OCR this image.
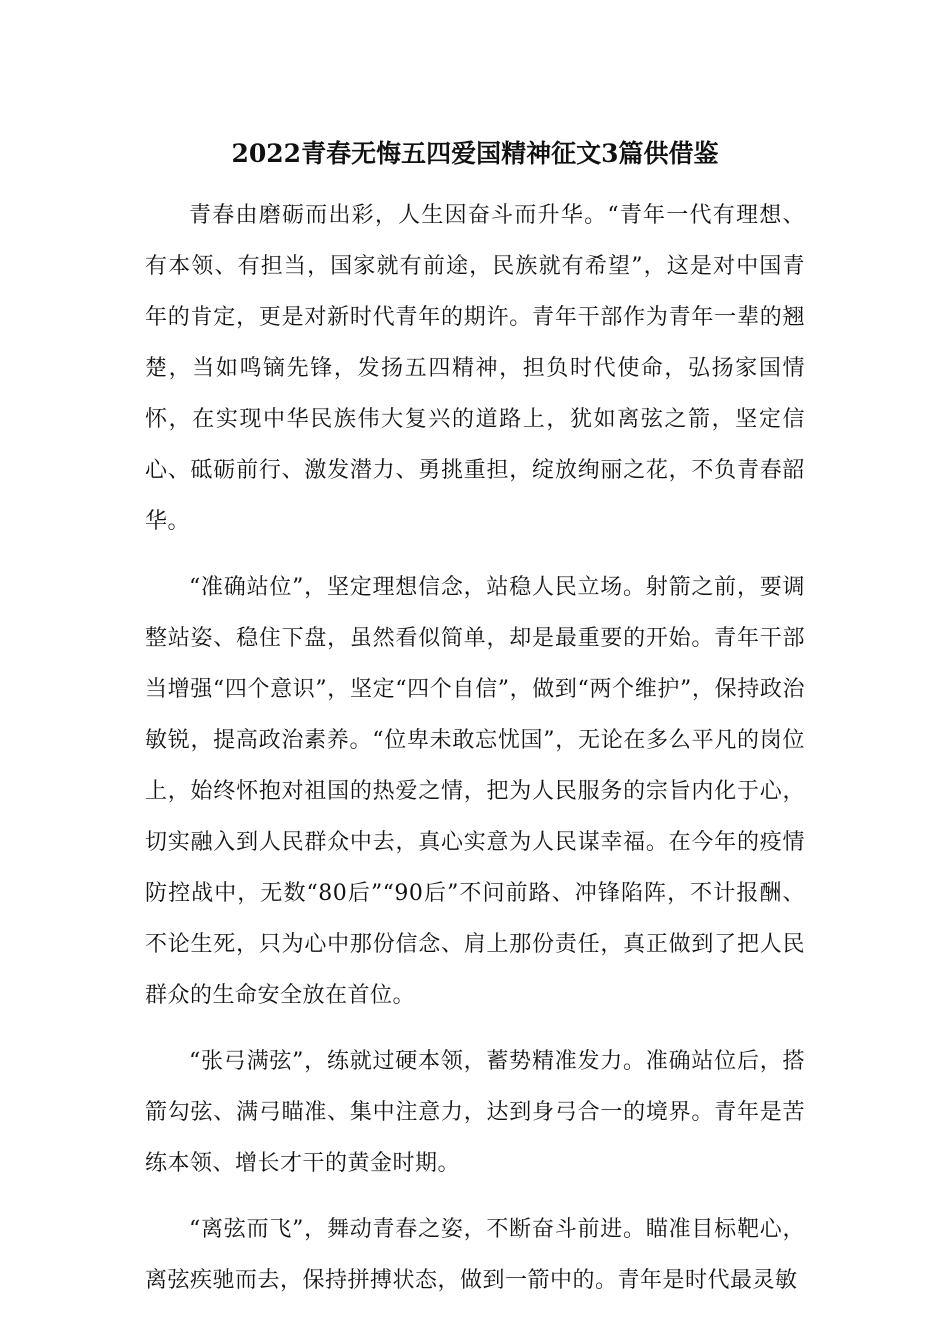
2022青春无悔五四爱国精神征文3篇供借鉴

青春由磨砺而出彩，人生因奋斗而升华。“青年一代有理想、有本领、有担当，国家就有前途，民族就有希望”，这是对中国青年的肯定，更是对新时代青年的期许。青年干部作为青年一辈的翘楚，当如鸣镝先锋，发扬五四精神，担负时代使命，弘扬家国情怀，在实现中华民族伟大复兴的道路上，犹如离弦之箭，坚定信心、砥砺前行、激发潜力、勇挑重担，绽放绚丽之花，不负青春韶华。

“准确站位”，坚定理想信念，站稳人民立场。射箭之前，要调整站姿、稳住下盘，虽然看似简单，却是最重要的开始。青年干部当增强“四个意识”，坚定“四个自信”，做到“两个维护”，保持政治敏锐，提高政治素养。“位卑未敢忘忧国”，无论在多么平凡的岗位上，始终怀抱对祖国的热爱之情，把为人民服务的宗旨内化于心，切实融入到人民群众中去，真心实意为人民谋幸福。在今年的疫情防控战中，无数“80后”“90后”不问前路、冲锋陷阵，不计报酬、不论生死，只为心中那份信念、肩上那份责任，真正做到了把人民群众的生命安全放在首位。

“张弓满弦”，练就过硬本领，蓄势精准发力。准确站位后，搭箭勾弦、满弓瞄准、集中注意力，达到身弓合一的境界。青年是苦练本领、增长才干的黄金时期。

“离弦而飞”，舞动青春之姿，不断奋斗前进。瞄准目标靶心，离弦疾驰而去，保持拼搏状态，做到一箭中的。青年是时代最灵敏
